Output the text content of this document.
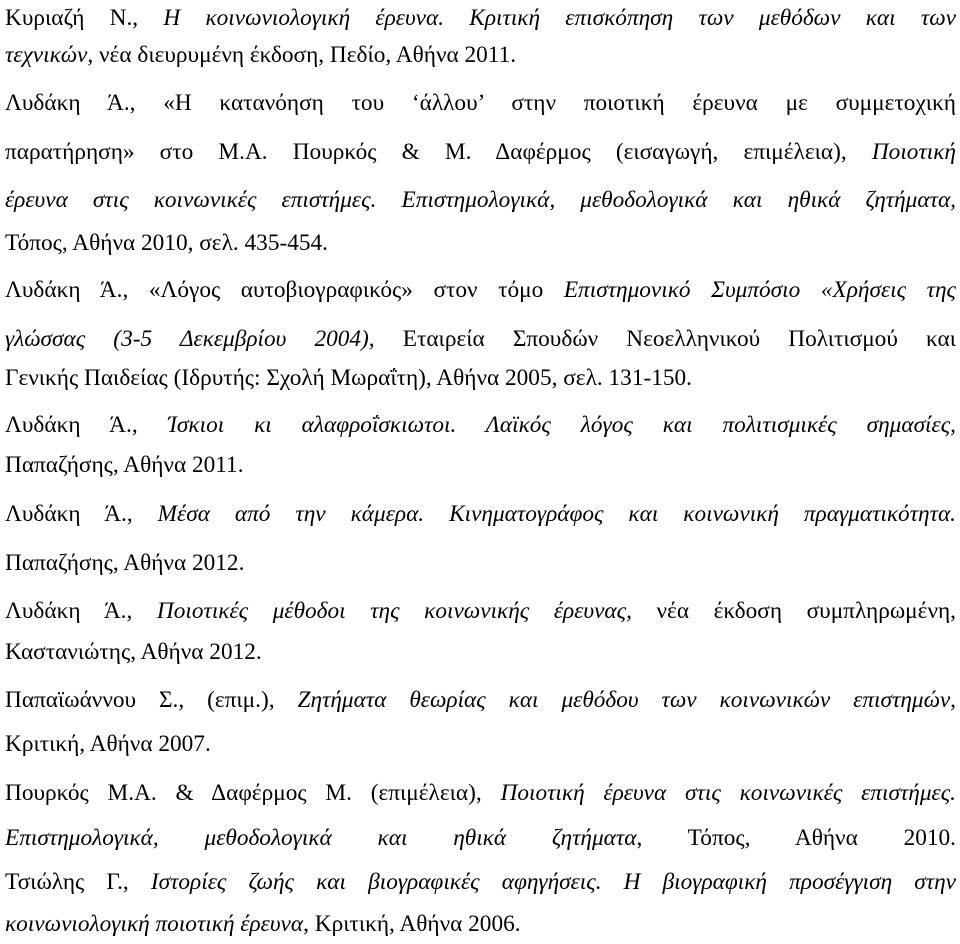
Κυριαζή Ν., Η κοινωνιολογική έρευνα. Κριτική επισκόπηση των μεθόδων και των
τεχνικών, νέα διευρυμένη έκδοση, Πεδίο, Αθήνα 2011.
Λυδάκη Ά., «Η κατανόηση του ‘άλλου’ στην ποιοτική έρευνα με συμμετοχική
παρατήρηση» στο Μ.Α. Πουρκός & Μ. Δαφέρμος (εισαγωγή, επιμέλεια), Ποιοτική
έρευνα στις κοινωνικές επιστήμες. Επιστημολογικά, μεθοδολογικά και ηθικά ζητήματα,
Τόπος, Αθήνα 2010, σελ. 435-454.
Λυδάκη Ά., «Λόγος αυτοβιογραφικός» στον τόμο Επιστημονικό Συμπόσιο «Χρήσεις της
γλώσσας (3-5 Δεκεμβρίου 2004), Εταιρεία Σπουδών Νεοελληνικού Πολιτισμού και
Γενικής Παιδείας (Ιδρυτής: Σχολή Μωραΐτη), Αθήνα 2005, σελ. 131-150.
Λυδάκη Ά., Ίσκιοι κι αλαφροΐσκιωτοι. Λαϊκός λόγος και πολιτισμικές σημασίες,
Παπαζήσης, Αθήνα 2011.
Λυδάκη Ά., Μέσα από την κάμερα. Κινηματογράφος και κοινωνική πραγματικότητα.
Παπαζήσης, Αθήνα 2012.
Λυδάκη Ά., Ποιοτικές μέθοδοι της κοινωνικής έρευνας, νέα έκδοση συμπληρωμένη,
Καστανιώτης, Αθήνα 2012.
Παπαϊωάννου Σ., (επιμ.), Ζητήματα θεωρίας και μεθόδου των κοινωνικών επιστημών,
Κριτική, Αθήνα 2007.
Πουρκός Μ.Α. & Δαφέρμος Μ. (επιμέλεια), Ποιοτική έρευνα στις κοινωνικές επιστήμες.
Επιστημολογικά, μεθοδολογικά και ηθικά ζητήματα, Τόπος, Αθήνα 2010.
Τσιώλης Γ., Ιστορίες ζωής και βιογραφικές αφηγήσεις. Η βιογραφική προσέγγιση στην
κοινωνιολογική ποιοτική έρευνα, Κριτική, Αθήνα 2006.
